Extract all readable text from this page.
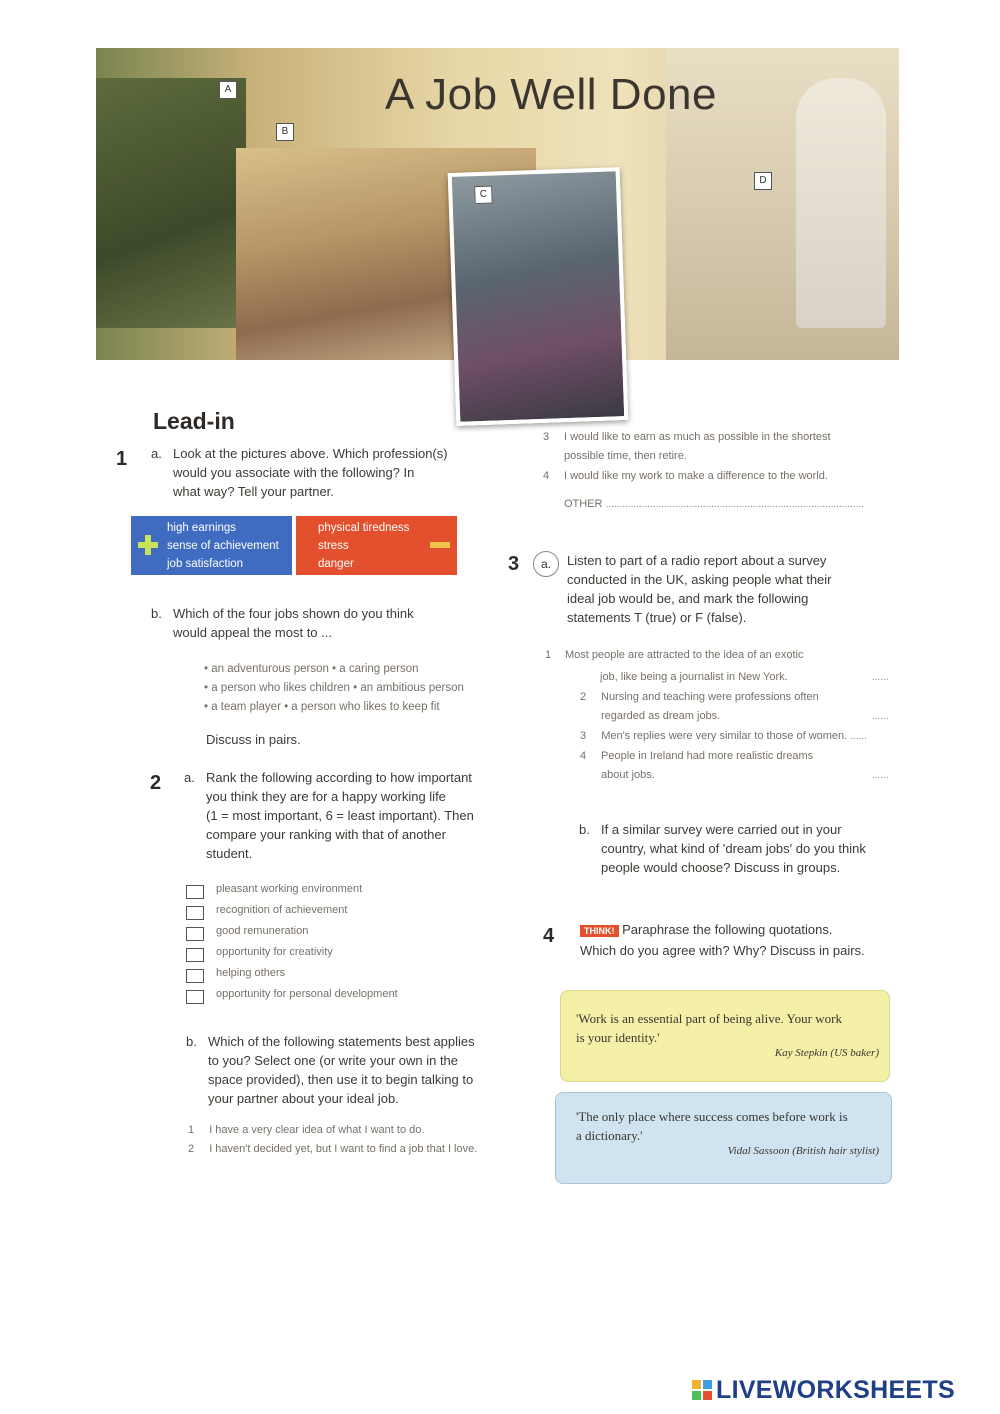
A
B
D
A Job Well Done
C
Lead-in
1 a. Look at the pictures above. Which profession(s)
would you associate with the following? In
what way? Tell your partner.
high earnings
sense of achievement
job satisfaction
physical tiredness
stress
danger
b. Which of the four jobs shown do you think
would appeal the most to ...
• an adventurous person • a caring person
• a person who likes children • an ambitious person
• a team player • a person who likes to keep fit
Discuss in pairs.
2 a. Rank the following according to how important
you think they are for a happy working life
(1 = most important, 6 = least important). Then
compare your ranking with that of another
student.
pleasant working environment
recognition of achievement
good remuneration
opportunity for creativity
helping others
opportunity for personal development
b. Which of the following statements best applies
to you? Select one (or write your own in the
space provided), then use it to begin talking to
your partner about your ideal job.
1 I have a very clear idea of what I want to do.
2 I haven't decided yet, but I want to find a job that I love.
3 I would like to earn as much as possible in the shortest
possible time, then retire.
4 I would like my work to make a difference to the world.
OTHER .............................................................................................
3	a.	Listen to part of a radio report about a survey
conducted in the UK, asking people what their
ideal job would be, and mark the following
statements T (true) or F (false).
1 Most people are attracted to the idea of an exotic
job, like being a journalist in New York.	......
2 Nursing and teaching were professions often
regarded as dream jobs.	......
3 Men's replies were very similar to those of women. ......
4 People in Ireland had more realistic dreams
about jobs.	......
b. If a similar survey were carried out in your
country, what kind of 'dream jobs' do you think
people would choose? Discuss in groups.
4	THINK! Paraphrase the following quotations.
Which do you agree with? Why? Discuss in pairs.
'Work is an essential part of being alive. Your work
is your identity.'
Kay Stepkin (US baker)
'The only place where success comes before work is
a dictionary.'
Vidal Sassoon (British hair stylist)
LIVEWORKSHEETS
